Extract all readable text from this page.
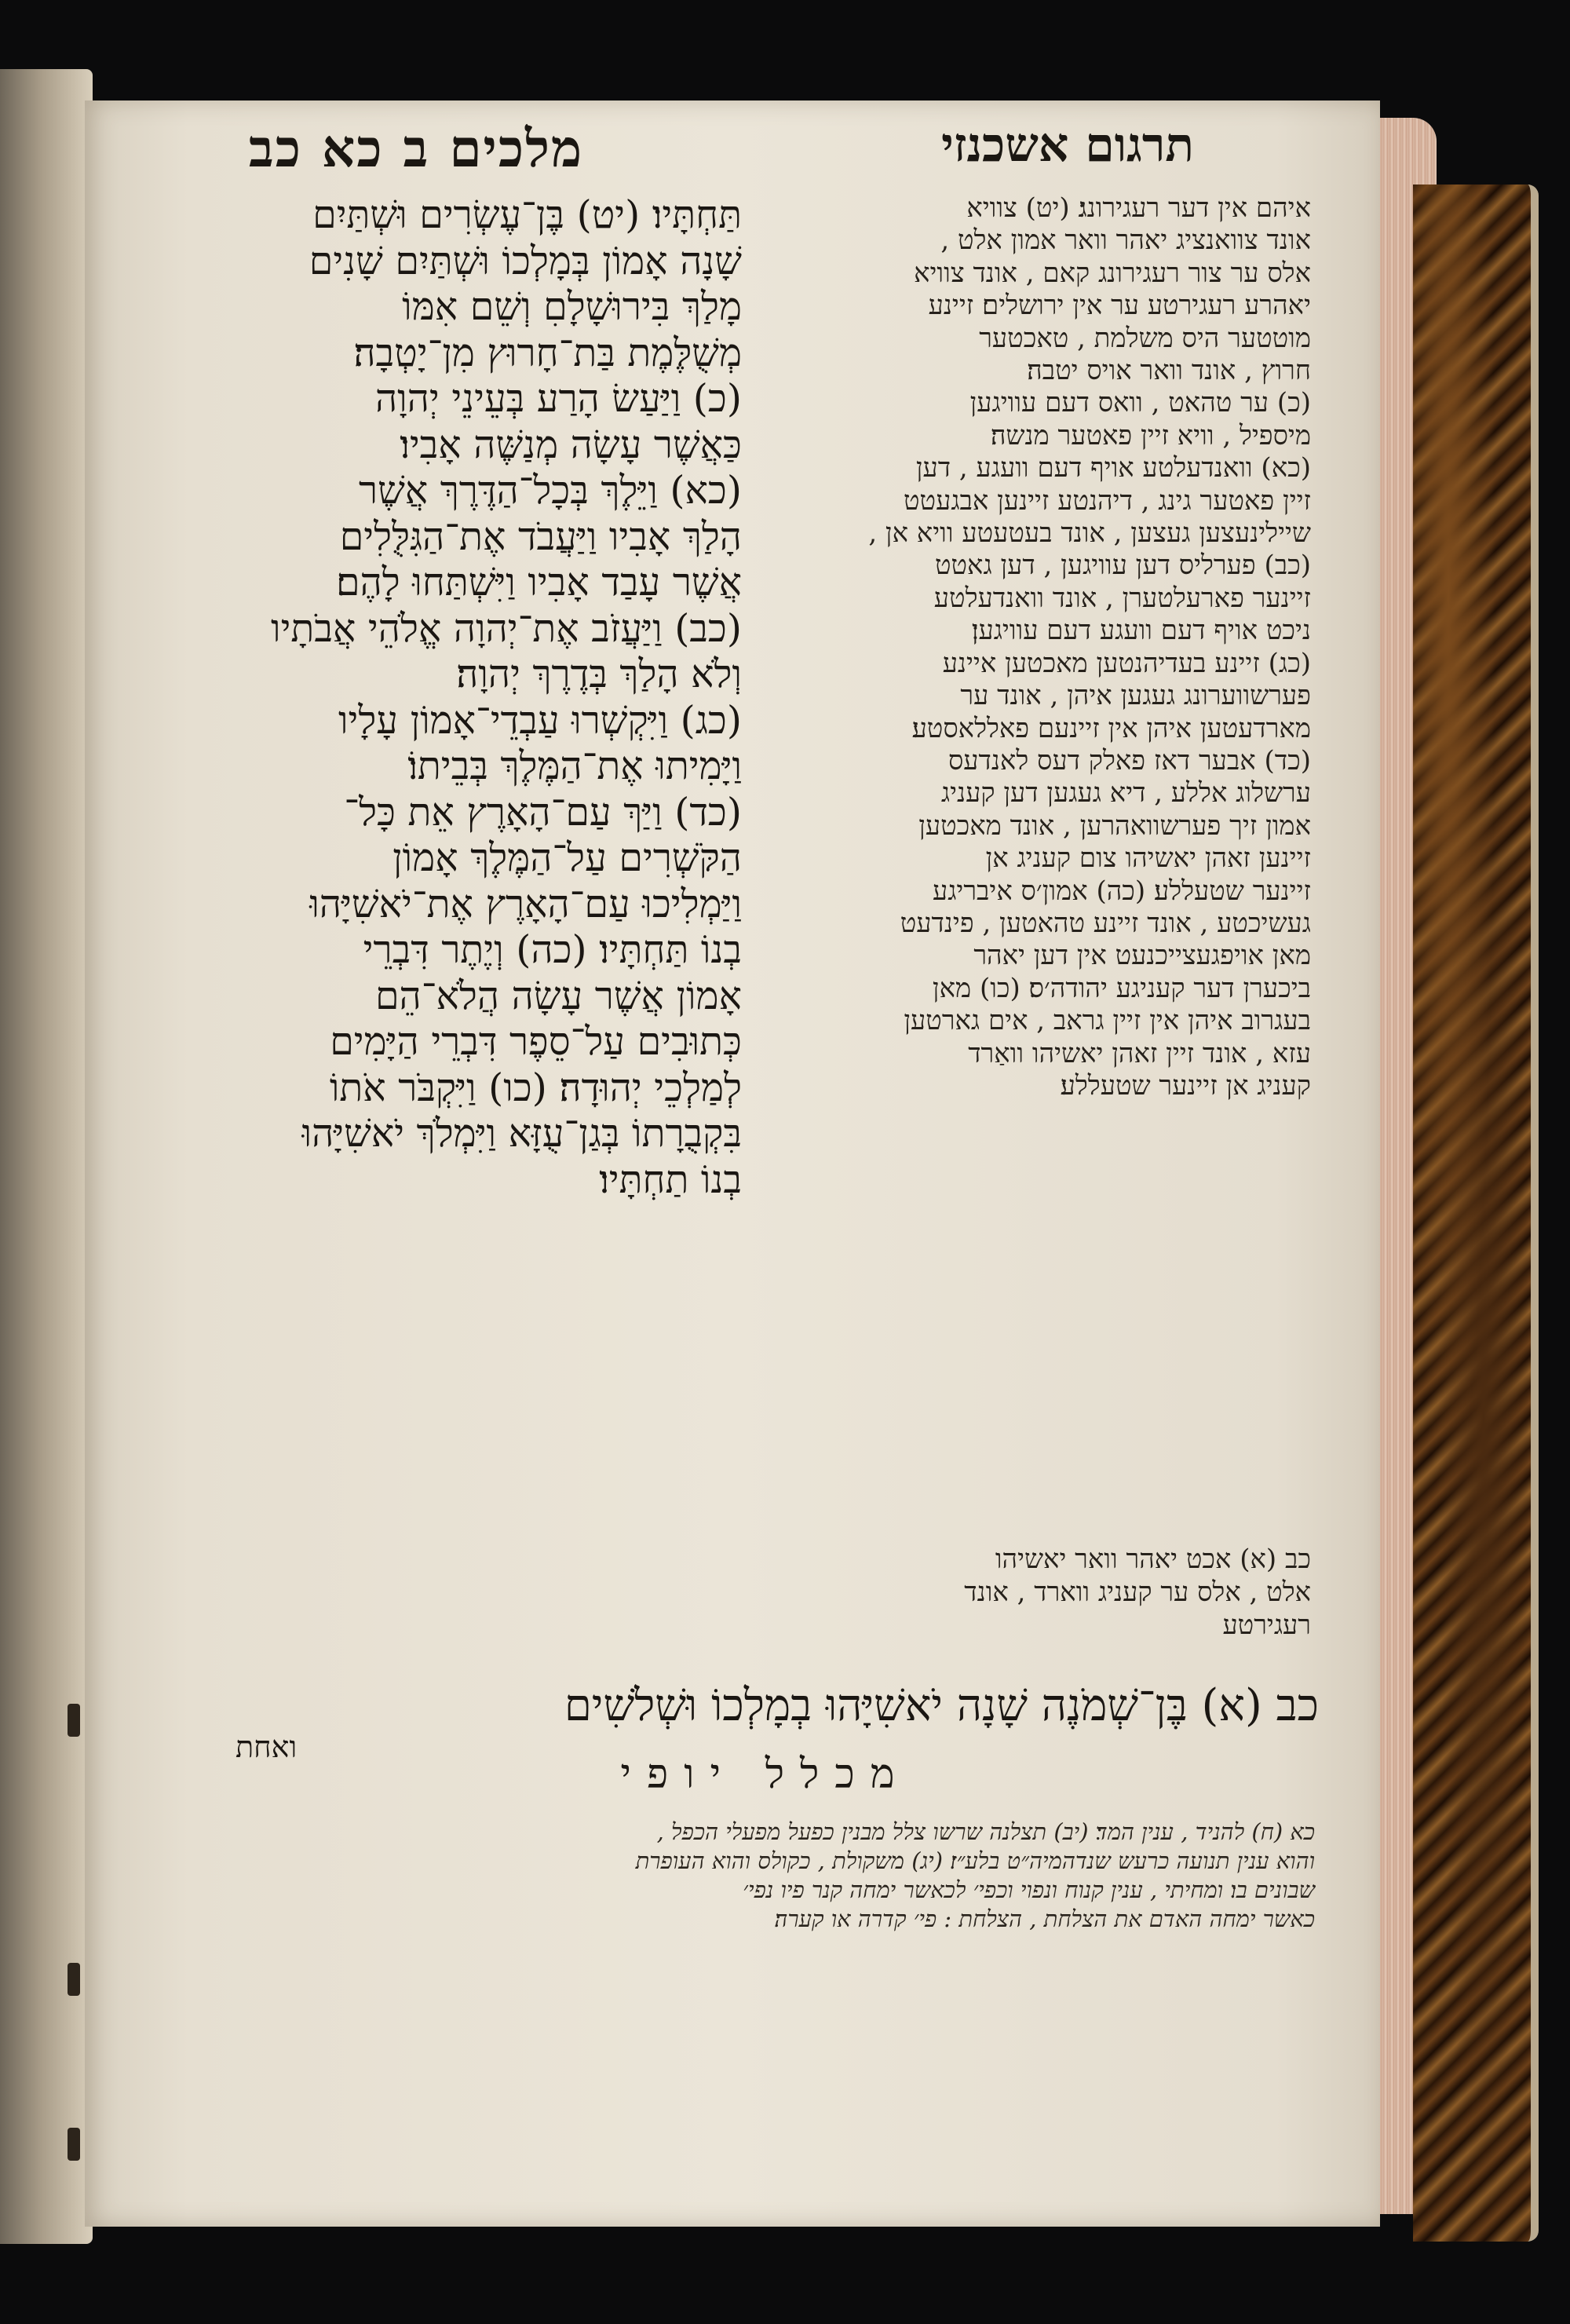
מלכים ב כא כב	תרגום אשכנזי
תַּחְתָּיו׃ (יט) בֶּן־עֶשְׂרִים וּשְׁתַּיִם
שָׁנָה אָמוֹן בְּמָלְכוֹ וּשְׁתַּיִם שָׁנִים
מָלַךְ בִּירוּשָׁלָםִ וְשֵׁם אִמּוֹ
מְשֻׁלֶּמֶת בַּת־חָרוּץ מִן־יָטְבָה׃
(כ) וַיַּעַשׂ הָרַע בְּעֵינֵי יְהוָה
כַּאֲשֶׁר עָשָׂה מְנַשֶּׁה אָבִיו׃
(כא) וַיֵּלֶךְ בְּכָל־הַדֶּרֶךְ אֲשֶׁר
הָלַךְ אָבִיו וַיַּעֲבֹד אֶת־הַגִּלֻּלִים
אֲשֶׁר עָבַד אָבִיו וַיִּשְׁתַּחוּ לָהֶם׃
(כב) וַיַּעֲזֹב אֶת־יְהוָה אֱלֹהֵי אֲבֹתָיו
וְלֹא הָלַךְ בְּדֶרֶךְ יְהוָה׃
(כג) וַיִּקְשְׁרוּ עַבְדֵי־אָמוֹן עָלָיו
וַיָּמִיתוּ אֶת־הַמֶּלֶךְ בְּבֵיתוֹ׃
(כד) וַיַּךְ עַם־הָאָרֶץ אֵת כָּל־
הַקֹּשְׁרִים עַל־הַמֶּלֶךְ אָמוֹן
וַיַּמְלִיכוּ עַם־הָאָרֶץ אֶת־יֹאשִׁיָּהוּ
בְנוֹ תַּחְתָּיו׃ (כה) וְיֶתֶר דִּבְרֵי
אָמוֹן אֲשֶׁר עָשָׂה הֲלֹא־הֵם
כְּתוּבִים עַל־סֵפֶר דִּבְרֵי הַיָּמִים
לְמַלְכֵי יְהוּדָה׃ (כו) וַיִּקְבֹּר אֹתוֹ
בִּקְבֻרָתוֹ בְּגַן־עֻזָּא וַיִּמְלֹךְ יֹאשִׁיָּהוּ
בְנוֹ תַחְתָּיו׃
איהם אין דער רעגירונג׃ (יט) צוויא
אונד צוואנציג יאהר וואר אמון אלט ,
אלס ער צור רעגירונג קאם , אונד צוויא
יאהרע רעגירטע ער אין ירושלים׃ זיינע
מוטטער היס משלמת , טאכטער
חרוץ , אונד וואר אויס יטבה׃
(כ) ער טהאט , וואס דעם עוויגען
מיספיל , וויא זיין פאטער מנשה׃
(כא) וואנדעלטע אויף דעם וועגע , דען
זיין פאטער גינג , דיהנטע זיינען אבגעטט
שיילינעצען געצען , אונד בעטעטע וויא אן ,
(כב) פערליס דען עוויגען , דען גאטט
זיינער פארעלטערן , אונד וואנדעלטע
ניכט אויף דעם וועגע דעם עוויגען׃
(כג) זיינע בעדיהנטען מאכטען איינע
פערשווערונג געגען איהן , אונד ער
מארדעטען איהן אין זיינעם פאללאסטע׃
(כד) אבער דאז פאלק דעס לאנדעס
ערשלוג אללע , דיא געגען דען קעניג
אמון זיך פערשוואהרען , אונד מאכטען
זיינען זאהן יאשיהו צום קעניג אן
זיינער שטעללע׃ (כה) אמון׳ס איבריגע
געשיכטע , אונד זיינע טהאטען , פינדעט
מאן אויפגעצייכנעט אין דען יאהר
ביכערן דער קעניגע יהודה׳ס׃ (כו) מאן
בעגרוב איהן אין זיין גראב , אים גארטען
עזא , אונד זיין זאהן יאשיהו וואַרד
קעניג אן זיינער שטעללע׃
כב (א) אכט יאהר וואר יאשיהו
אלט , אלס ער קעניג ווארד , אונד
רעגירטע
כב (א) בֶּן־שְׁמֹנֶה שָׁנָה יֹאשִׁיָּהוּ בְמָלְכוֹ וּשְׁלֹשִׁים
ואחת
מכלל יופי
כא (ח) להניד , ענין המד׃ (יב) תצלנה שרשו צלל מבנין כפעל מפעלי הכפל ,
והוא ענין תנועה כרעש שנדהמיה״ט בלע״ז׃ (יג) משקולת , כקולס והוא העופרת
שבונים בו׃ ומחיתי , ענין קנוח ונפוי וכפי׳ לכאשר ימחה קנר פיו נפי׳
כאשר ימחה האדם את הצלחת , הצלחת : פי׳ קדרה או קערה׃
